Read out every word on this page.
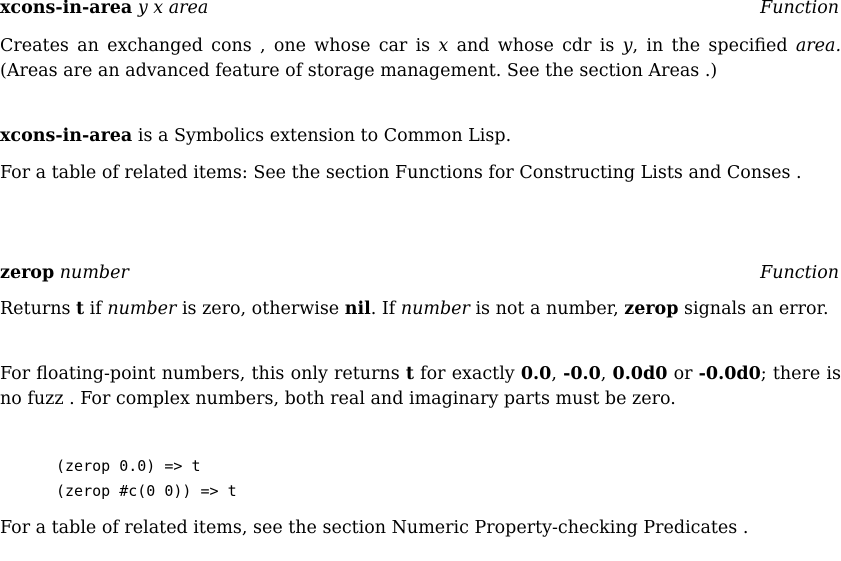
xcons-in-area y x area	Function

Creates an exchanged cons , one whose car is x and whose cdr is y, in the specified area. (Areas are an advanced feature of storage management. See the section Areas .)

xcons-in-area is a Symbolics extension to Common Lisp.

For a table of related items: See the section Functions for Constructing Lists and Conses .

zerop number	Function

Returns t if number is zero, otherwise nil. If number is not a number, zerop signals an error.

For floating-point numbers, this only returns t for exactly 0.0, -0.0, 0.0d0 or -0.0d0; there is no fuzz . For complex numbers, both real and imaginary parts must be zero.

(zerop 0.0) => t
(zerop #c(0 0)) => t

For a table of related items, see the section Numeric Property-checking Predicates .
